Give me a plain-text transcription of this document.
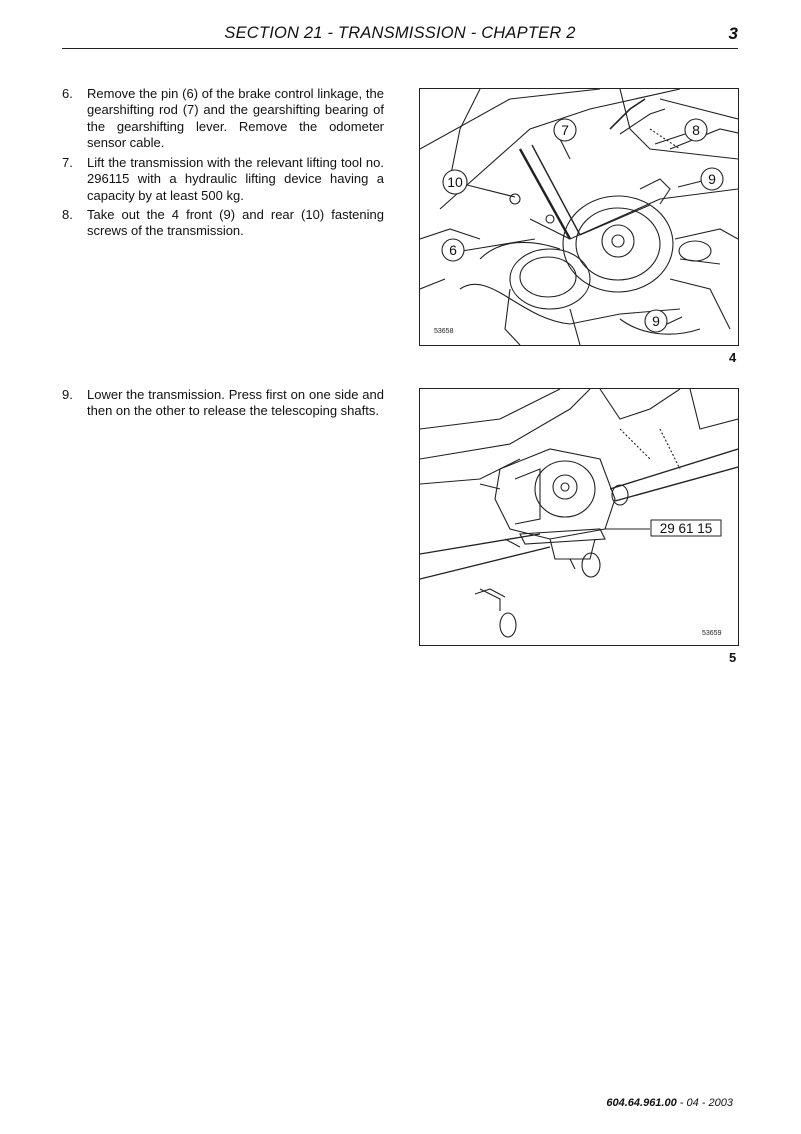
SECTION 21 - TRANSMISSION - CHAPTER 2	3
6.	Remove the pin (6) of the brake control linkage, the gearshifting rod (7) and the gearshifting bearing of the gearshifting lever. Remove the odometer sensor cable.
7.	Lift the transmission with the relevant lifting tool no. 296115 with a hydraulic lifting device having a capacity by at least 500 kg.
8.	Take out the 4 front (9) and rear (10) fastening screws of the transmission.
9.	Lower the transmission. Press first on one side and then on the other to release the telescoping shafts.
7	8
10	9
6
9
53658
4
29 61 15
53659
5
604.64.961.00 - 04 - 2003
